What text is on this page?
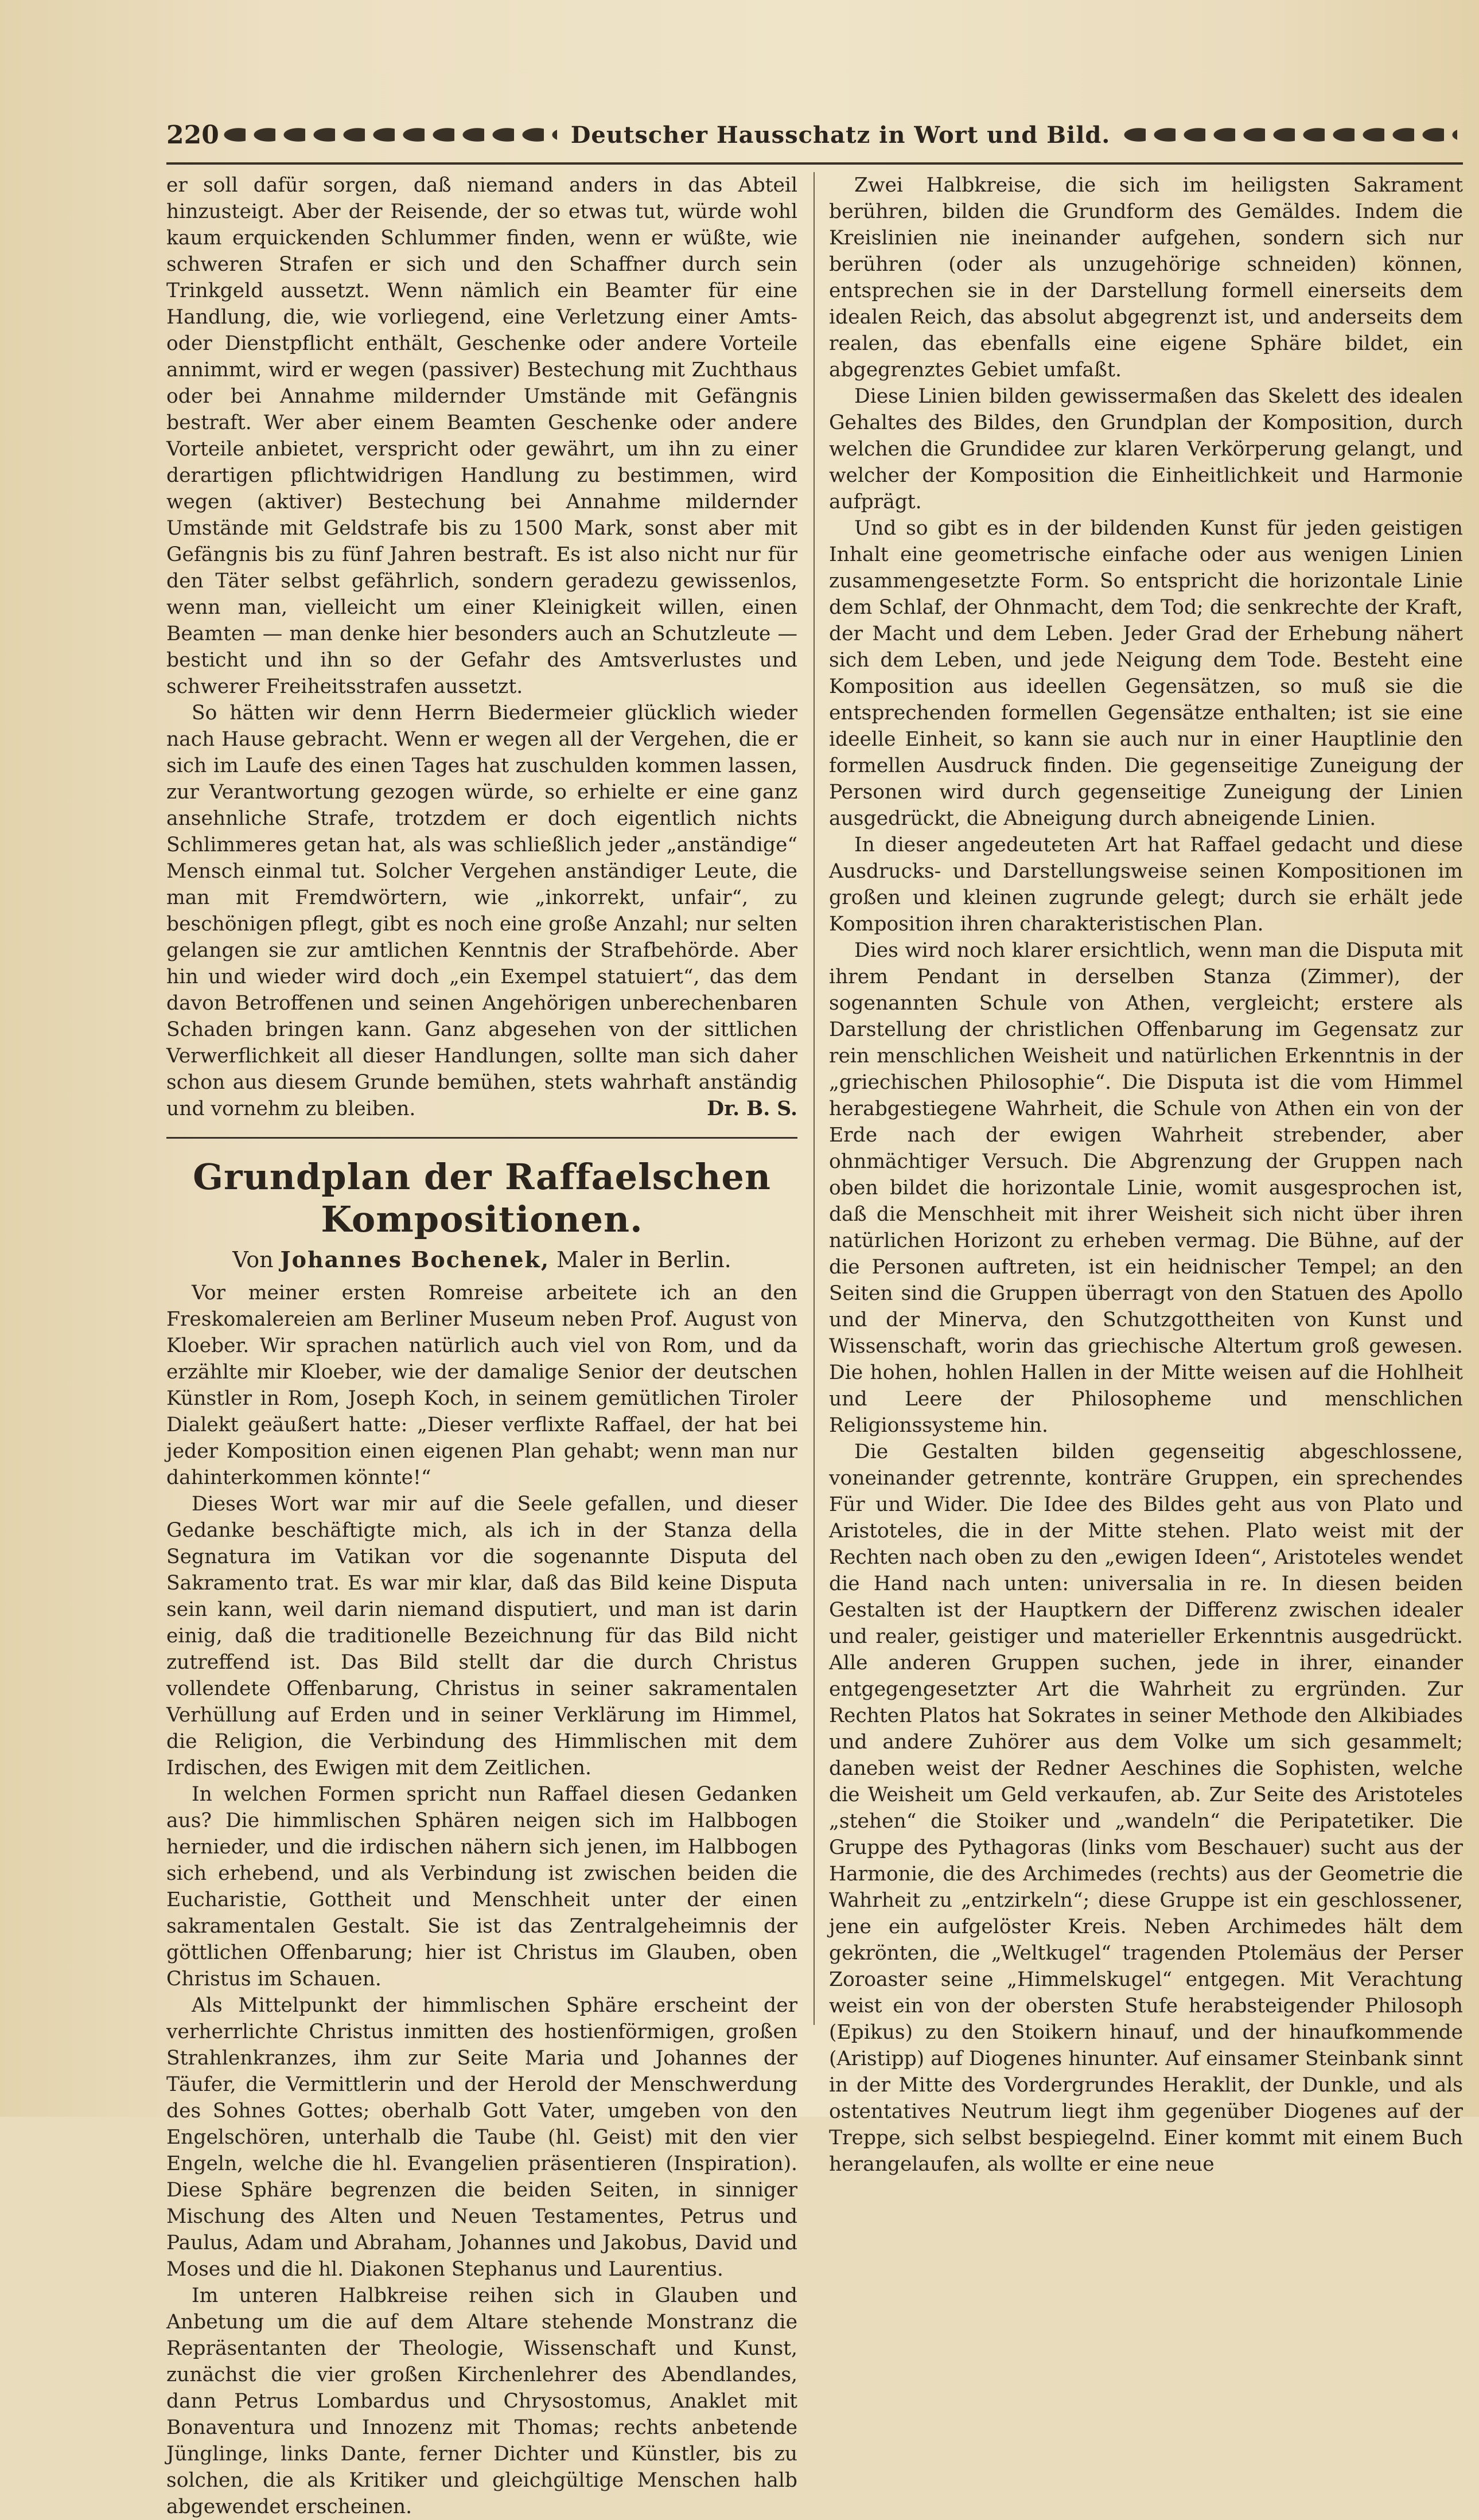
220	Deutscher Hausschatz in Wort und Bild.

er soll dafür sorgen, daß niemand anders in das Abteil hinzusteigt. Aber der Reisende, der so etwas tut, würde wohl kaum erquickenden Schlummer finden, wenn er wüßte, wie schweren Strafen er sich und den Schaffner durch sein Trinkgeld aussetzt. Wenn nämlich ein Beamter für eine Handlung, die, wie vorliegend, eine Verletzung einer Amts- oder Dienstpflicht enthält, Geschenke oder andere Vorteile annimmt, wird er wegen (passiver) Bestechung mit Zuchthaus oder bei Annahme mildernder Umstände mit Gefängnis bestraft. Wer aber einem Beamten Geschenke oder andere Vorteile anbietet, verspricht oder gewährt, um ihn zu einer derartigen pflichtwidrigen Handlung zu bestimmen, wird wegen (aktiver) Bestechung bei Annahme mildernder Umstände mit Geldstrafe bis zu 1500 Mark, sonst aber mit Gefängnis bis zu fünf Jahren bestraft. Es ist also nicht nur für den Täter selbst gefährlich, sondern geradezu gewissenlos, wenn man, vielleicht um einer Kleinigkeit willen, einen Beamten — man denke hier besonders auch an Schutzleute — besticht und ihn so der Gefahr des Amtsverlustes und schwerer Freiheitsstrafen aussetzt.

So hätten wir denn Herrn Biedermeier glücklich wieder nach Hause gebracht. Wenn er wegen all der Vergehen, die er sich im Laufe des einen Tages hat zuschulden kommen lassen, zur Verantwortung gezogen würde, so erhielte er eine ganz ansehnliche Strafe, trotzdem er doch eigentlich nichts Schlimmeres getan hat, als was schließlich jeder „anständige“ Mensch einmal tut. Solcher Vergehen anständiger Leute, die man mit Fremdwörtern, wie „inkorrekt, unfair“, zu beschönigen pflegt, gibt es noch eine große Anzahl; nur selten gelangen sie zur amtlichen Kenntnis der Strafbehörde. Aber hin und wieder wird doch „ein Exempel statuiert“, das dem davon Betroffenen und seinen Angehörigen unberechenbaren Schaden bringen kann. Ganz abgesehen von der sittlichen Verwerflichkeit all dieser Handlungen, sollte man sich daher schon aus diesem Grunde bemühen, stets wahrhaft anständig und vornehm zu bleiben.	Dr. B. S.

Grundplan der Raffaelschen Kompositionen.
Von Johannes Bochenek, Maler in Berlin.

Vor meiner ersten Romreise arbeitete ich an den Freskomalereien am Berliner Museum neben Prof. August von Kloeber. Wir sprachen natürlich auch viel von Rom, und da erzählte mir Kloeber, wie der damalige Senior der deutschen Künstler in Rom, Joseph Koch, in seinem gemütlichen Tiroler Dialekt geäußert hatte: „Dieser verflixte Raffael, der hat bei jeder Komposition einen eigenen Plan gehabt; wenn man nur dahinterkommen könnte!“

Dieses Wort war mir auf die Seele gefallen, und dieser Gedanke beschäftigte mich, als ich in der Stanza della Segnatura im Vatikan vor die sogenannte Disputa del Sakramento trat. Es war mir klar, daß das Bild keine Disputa sein kann, weil darin niemand disputiert, und man ist darin einig, daß die traditionelle Bezeichnung für das Bild nicht zutreffend ist. Das Bild stellt dar die durch Christus vollendete Offenbarung, Christus in seiner sakramentalen Verhüllung auf Erden und in seiner Verklärung im Himmel, die Religion, die Verbindung des Himmlischen mit dem Irdischen, des Ewigen mit dem Zeitlichen.

In welchen Formen spricht nun Raffael diesen Gedanken aus? Die himmlischen Sphären neigen sich im Halbbogen hernieder, und die irdischen nähern sich jenen, im Halbbogen sich erhebend, und als Verbindung ist zwischen beiden die Eucharistie, Gottheit und Menschheit unter der einen sakramentalen Gestalt. Sie ist das Zentralgeheimnis der göttlichen Offenbarung; hier ist Christus im Glauben, oben Christus im Schauen.

Als Mittelpunkt der himmlischen Sphäre erscheint der verherrlichte Christus inmitten des hostienförmigen, großen Strahlenkranzes, ihm zur Seite Maria und Johannes der Täufer, die Vermittlerin und der Herold der Menschwerdung des Sohnes Gottes; oberhalb Gott Vater, umgeben von den Engelschören, unterhalb die Taube (hl. Geist) mit den vier Engeln, welche die hl. Evangelien präsentieren (Inspiration). Diese Sphäre begrenzen die beiden Seiten, in sinniger Mischung des Alten und Neuen Testamentes, Petrus und Paulus, Adam und Abraham, Johannes und Jakobus, David und Moses und die hl. Diakonen Stephanus und Laurentius.

Im unteren Halbkreise reihen sich in Glauben und Anbetung um die auf dem Altare stehende Monstranz die Repräsentanten der Theologie, Wissenschaft und Kunst, zunächst die vier großen Kirchenlehrer des Abendlandes, dann Petrus Lombardus und Chrysostomus, Anaklet mit Bonaventura und Innozenz mit Thomas; rechts anbetende Jünglinge, links Dante, ferner Dichter und Künstler, bis zu solchen, die als Kritiker und gleichgültige Menschen halb abgewendet erscheinen.

Zwei Halbkreise, die sich im heiligsten Sakrament berühren, bilden die Grundform des Gemäldes. Indem die Kreislinien nie ineinander aufgehen, sondern sich nur berühren (oder als unzugehörige schneiden) können, entsprechen sie in der Darstellung formell einerseits dem idealen Reich, das absolut abgegrenzt ist, und anderseits dem realen, das ebenfalls eine eigene Sphäre bildet, ein abgegrenztes Gebiet umfaßt.

Diese Linien bilden gewissermaßen das Skelett des idealen Gehaltes des Bildes, den Grundplan der Komposition, durch welchen die Grundidee zur klaren Verkörperung gelangt, und welcher der Komposition die Einheitlichkeit und Harmonie aufprägt.

Und so gibt es in der bildenden Kunst für jeden geistigen Inhalt eine geometrische einfache oder aus wenigen Linien zusammengesetzte Form. So entspricht die horizontale Linie dem Schlaf, der Ohnmacht, dem Tod; die senkrechte der Kraft, der Macht und dem Leben. Jeder Grad der Erhebung nähert sich dem Leben, und jede Neigung dem Tode. Besteht eine Komposition aus ideellen Gegensätzen, so muß sie die entsprechenden formellen Gegensätze enthalten; ist sie eine ideelle Einheit, so kann sie auch nur in einer Hauptlinie den formellen Ausdruck finden. Die gegenseitige Zuneigung der Personen wird durch gegenseitige Zuneigung der Linien ausgedrückt, die Abneigung durch abneigende Linien.

In dieser angedeuteten Art hat Raffael gedacht und diese Ausdrucks- und Darstellungsweise seinen Kompositionen im großen und kleinen zugrunde gelegt; durch sie erhält jede Komposition ihren charakteristischen Plan.

Dies wird noch klarer ersichtlich, wenn man die Disputa mit ihrem Pendant in derselben Stanza (Zimmer), der sogenannten Schule von Athen, vergleicht; erstere als Darstellung der christlichen Offenbarung im Gegensatz zur rein menschlichen Weisheit und natürlichen Erkenntnis in der „griechischen Philosophie“. Die Disputa ist die vom Himmel herabgestiegene Wahrheit, die Schule von Athen ein von der Erde nach der ewigen Wahrheit strebender, aber ohnmächtiger Versuch. Die Abgrenzung der Gruppen nach oben bildet die horizontale Linie, womit ausgesprochen ist, daß die Menschheit mit ihrer Weisheit sich nicht über ihren natürlichen Horizont zu erheben vermag. Die Bühne, auf der die Personen auftreten, ist ein heidnischer Tempel; an den Seiten sind die Gruppen überragt von den Statuen des Apollo und der Minerva, den Schutzgottheiten von Kunst und Wissenschaft, worin das griechische Altertum groß gewesen. Die hohen, hohlen Hallen in der Mitte weisen auf die Hohlheit und Leere der Philosopheme und menschlichen Religionssysteme hin.

Die Gestalten bilden gegenseitig abgeschlossene, voneinander getrennte, konträre Gruppen, ein sprechendes Für und Wider. Die Idee des Bildes geht aus von Plato und Aristoteles, die in der Mitte stehen. Plato weist mit der Rechten nach oben zu den „ewigen Ideen“, Aristoteles wendet die Hand nach unten: universalia in re. In diesen beiden Gestalten ist der Hauptkern der Differenz zwischen idealer und realer, geistiger und materieller Erkenntnis ausgedrückt. Alle anderen Gruppen suchen, jede in ihrer, einander entgegengesetzter Art die Wahrheit zu ergründen. Zur Rechten Platos hat Sokrates in seiner Methode den Alkibiades und andere Zuhörer aus dem Volke um sich gesammelt; daneben weist der Redner Aeschines die Sophisten, welche die Weisheit um Geld verkaufen, ab. Zur Seite des Aristoteles „stehen“ die Stoiker und „wandeln“ die Peripatetiker. Die Gruppe des Pythagoras (links vom Beschauer) sucht aus der Harmonie, die des Archimedes (rechts) aus der Geometrie die Wahrheit zu „entzirkeln“; diese Gruppe ist ein geschlossener, jene ein aufgelöster Kreis. Neben Archimedes hält dem gekrönten, die „Weltkugel“ tragenden Ptolemäus der Perser Zoroaster seine „Himmelskugel“ entgegen. Mit Verachtung weist ein von der obersten Stufe herabsteigender Philosoph (Epikus) zu den Stoikern hinauf, und der hinaufkommende (Aristipp) auf Diogenes hinunter. Auf einsamer Steinbank sinnt in der Mitte des Vordergrundes Heraklit, der Dunkle, und als ostentatives Neutrum liegt ihm gegenüber Diogenes auf der Treppe, sich selbst bespiegelnd. Einer kommt mit einem Buch herangelaufen, als wollte er eine neue
